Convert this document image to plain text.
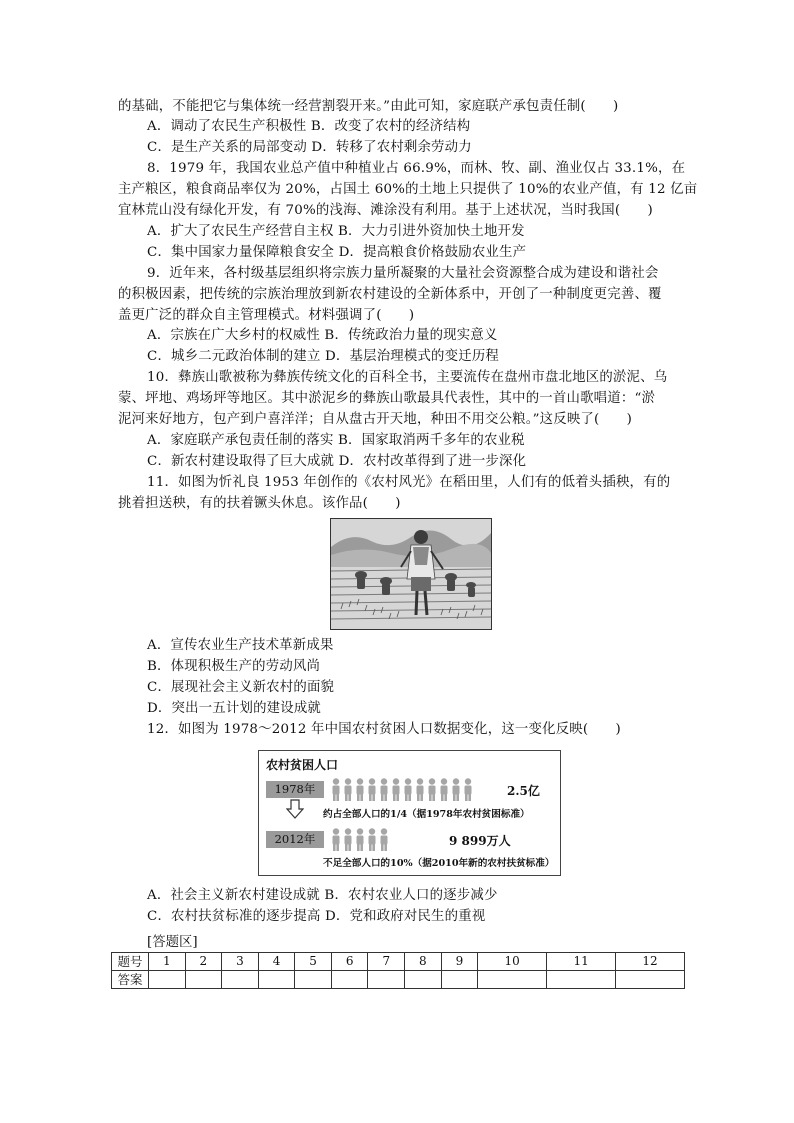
的基础，不能把它与集体统一经营割裂开来。”由此可知，家庭联产承包责任制(　　)
A．调动了农民生产积极性 B．改变了农村的经济结构
C．是生产关系的局部变动 D．转移了农村剩余劳动力
8．1979 年，我国农业总产值中种植业占 66.9%，而林、牧、副、渔业仅占 33.1%，在
主产粮区，粮食商品率仅为 20%，占国土 60%的土地上只提供了 10%的农业产值，有 12 亿亩
宜林荒山没有绿化开发，有 70%的浅海、滩涂没有利用。基于上述状况，当时我国(　　)
A．扩大了农民生产经营自主权 B．大力引进外资加快土地开发
C．集中国家力量保障粮食安全 D．提高粮食价格鼓励农业生产
9．近年来，各村级基层组织将宗族力量所凝聚的大量社会资源整合成为建设和谐社会
的积极因素，把传统的宗族治理放到新农村建设的全新体系中，开创了一种制度更完善、覆
盖更广泛的群众自主管理模式。材料强调了(　　)
A．宗族在广大乡村的权威性 B．传统政治力量的现实意义
C．城乡二元政治体制的建立 D．基层治理模式的变迁历程
10．彝族山歌被称为彝族传统文化的百科全书，主要流传在盘州市盘北地区的淤泥、乌
蒙、坪地、鸡场坪等地区。其中淤泥乡的彝族山歌最具代表性，其中的一首山歌唱道：“淤
泥河来好地方，包产到户喜洋洋；自从盘古开天地，种田不用交公粮。”这反映了(　　)
A．家庭联产承包责任制的落实 B．国家取消两千多年的农业税
C．新农村建设取得了巨大成就 D．农村改革得到了进一步深化
11．如图为忻礼良 1953 年创作的《农村风光》在稻田里，人们有的低着头插秧，有的
挑着担送秧，有的扶着镢头休息。该作品(　　)
A．宣传农业生产技术革新成果
B．体现积极生产的劳动风尚
C．展现社会主义新农村的面貌
D．突出一五计划的建设成就
12．如图为 1978～2012 年中国农村贫困人口数据变化，这一变化反映(　　)
农村贫困人口
1978年	2.5亿
约占全部人口的1/4（据1978年农村贫困标准）
2012年	9 899万人
不足全部人口的10%（据2010年新的农村扶贫标准）
A．社会主义新农村建设成就 B．农村农业人口的逐步减少
C．农村扶贫标准的逐步提高 D．党和政府对民生的重视
[答题区]
题号	1	2	3	4	5	6	7	8	9	10	11	12
答案												
